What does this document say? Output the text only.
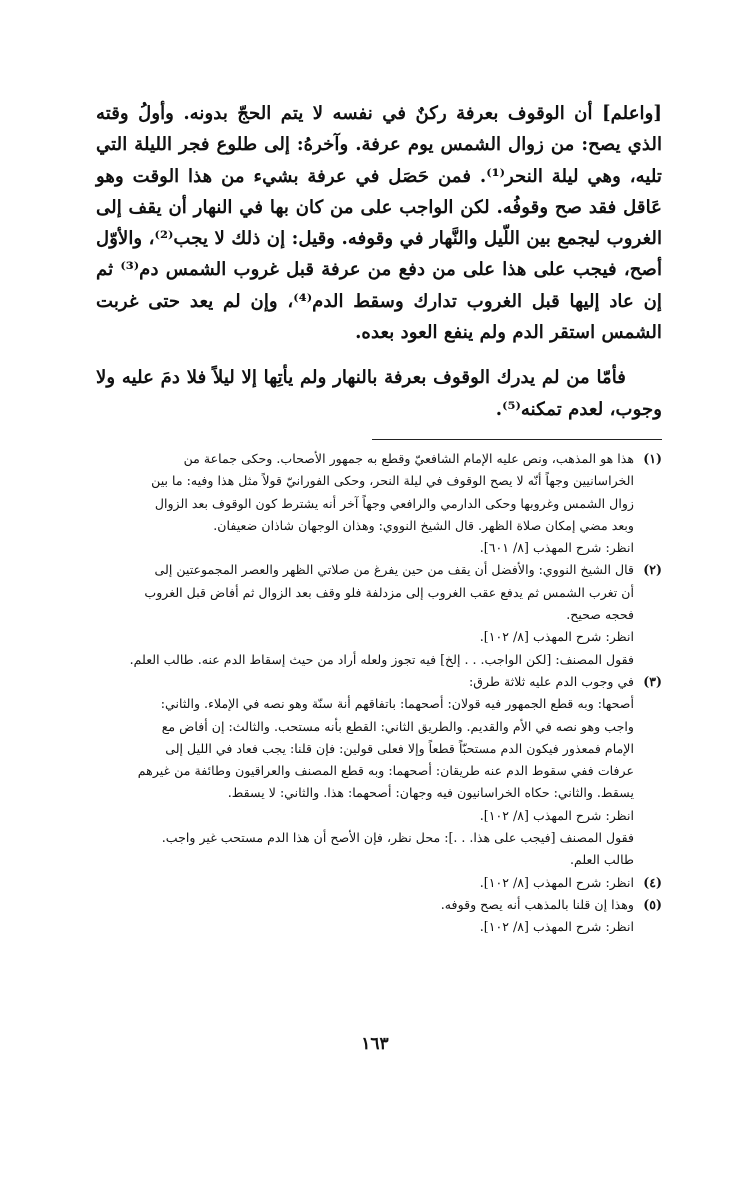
[واعلم] أن الوقوف بعرفة ركنٌ في نفسه لا يتم الحجّ بدونه. وأولُ وقته الذي يصح: من زوال الشمس يوم عرفة. وآخرهُ: إلى طلوع فجر الليلة التي تليه، وهي ليلة النحر⁽¹⁾. فمن حَصَل في عرفة بشيء من هذا الوقت وهو عَاقل فقد صح وقوفُه. لكن الواجب على من كان بها في النهار أن يقف إلى الغروب ليجمع بين اللّيل والنَّهار في وقوفه. وقيل: إن ذلك لا يجب⁽²⁾، والأوّل أصح، فيجب على هذا على من دفع من عرفة قبل غروب الشمس دم⁽³⁾ ثم إن عاد إليها قبل الغروب تدارك وسقط الدم⁽⁴⁾، وإن لم يعد حتى غربت الشمس استقر الدم ولم ينفع العود بعده.

فأمّا من لم يدرك الوقوف بعرفة بالنهار ولم يأتِها إلا ليلاً فلا دمَ عليه ولا وجوب، لعدم تمكنه⁽⁵⁾.

(١)
هذا هو المذهب، ونص عليه الإمام الشافعيّ وقطع به جمهور الأصحاب. وحكى جماعة من
الخراسانيين وجهاً أنّه لا يصح الوقوف في ليلة النحر، وحكى الفورانيّ قولاً مثل هذا وفيه: ما بين
زوال الشمس وغروبها وحكى الدارمي والرافعي وجهاً آخر أنه يشترط كون الوقوف بعد الزوال
وبعد مضي إمكان صلاة الظهر. قال الشيخ النووي: وهذان الوجهان شاذان ضعيفان.
انظر: شرح المهذب [٨/ ٦٠١].
(٢)
قال الشيخ النووي: والأفضل أن يقف من حين يفرغ من صلاتي الظهر والعصر المجموعتين إلى
أن تغرب الشمس ثم يدفع عقب الغروب إلى مزدلفة فلو وقف بعد الزوال ثم أفاض قبل الغروب
فحجه صحيح.
انظر: شرح المهذب [٨/ ١٠٢].
فقول المصنف: [لكن الواجب. . . إلخ] فيه تجوز ولعله أراد من حيث إسقاط الدم عنه. طالب العلم.
(٣)
في وجوب الدم عليه ثلاثة طرق:
أصحها: وبه قطع الجمهور فيه قولان: أصحهما: باتفاقهم أنة سنّة وهو نصه في الإملاء. والثاني:
واجب وهو نصه في الأم والقديم. والطريق الثاني: القطع بأنه مستحب. والثالث: إن أفاض مع
الإمام فمعذور فيكون الدم مستحبّاً قطعاً وإلا فعلى قولين: فإن قلنا: يجب فعاد في الليل إلى
عرفات ففي سقوط الدم عنه طريقان: أصحهما: وبه قطع المصنف والعراقيون وطائفة من غيرهم
يسقط. والثاني: حكاه الخراسانيون فيه وجهان: أصحهما: هذا. والثاني: لا يسقط.
انظر: شرح المهذب [٨/ ١٠٢].
فقول المصنف [فيجب على هذا. . .]: محل نظر، فإن الأصح أن هذا الدم مستحب غير واجب.
طالب العلم.
(٤)
انظر: شرح المهذب [٨/ ١٠٢].
(٥)
وهذا إن قلنا بالمذهب أنه يصح وقوفه.
انظر: شرح المهذب [٨/ ١٠٢].
١٦٣
